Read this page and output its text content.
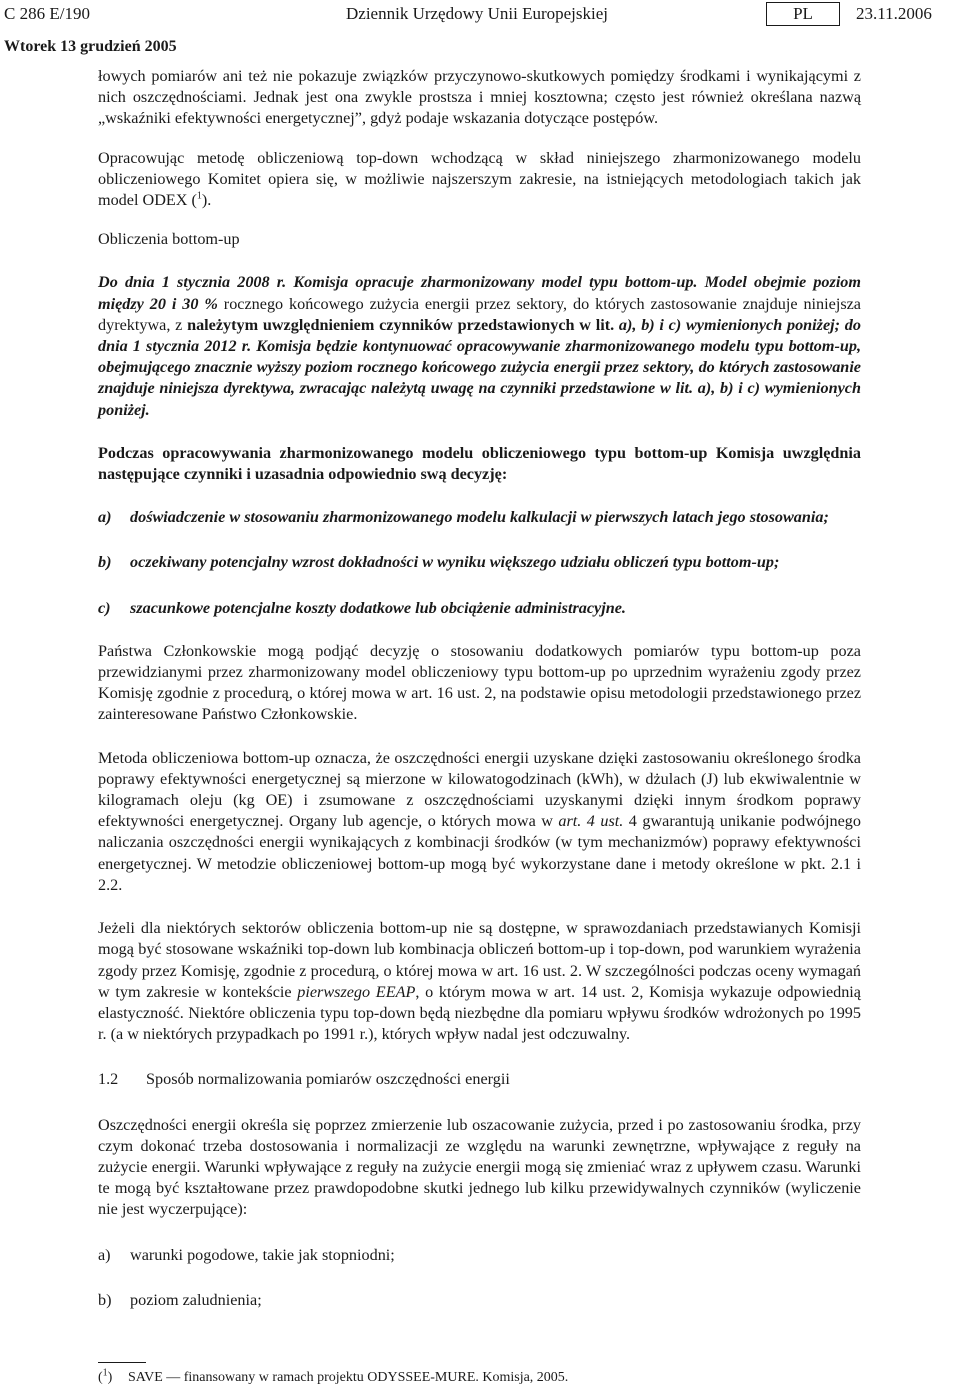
C 286 E/190	Dziennik Urzędowy Unii Europejskiej	PL	23.11.2006
Wtorek 13 grudzień 2005

łowych pomiarów ani też nie pokazuje związków przyczynowo-skutkowych pomiędzy środkami i wynikającymi z nich oszczędnościami. Jednak jest ona zwykle prostsza i mniej kosztowna; często jest również określana nazwą „wskaźniki efektywności energetycznej”, gdyż podaje wskazania dotyczące postępów.

Opracowując metodę obliczeniową top-down wchodzącą w skład niniejszego zharmonizowanego modelu obliczeniowego Komitet opiera się, w możliwie najszerszym zakresie, na istniejących metodologiach takich jak model ODEX ($^1$).

Obliczenia bottom-up

Do dnia 1 stycznia 2008 r. Komisja opracuje zharmonizowany model typu bottom-up. Model obejmie poziom między 20 i 30 % rocznego końcowego zużycia energii przez sektory, do których zastosowanie znajduje niniejsza dyrektywa, z należytym uwzględnieniem czynników przedstawionych w lit. a), b) i c) wymienionych poniżej; do dnia 1 stycznia 2012 r. Komisja będzie kontynuować opracowywanie zharmonizowanego modelu typu bottom-up, obejmującego znacznie wyższy poziom rocznego końcowego zużycia energii przez sektory, do których zastosowanie znajduje niniejsza dyrektywa, zwracając należytą uwagę na czynniki przedstawione w lit. a), b) i c) wymienionych poniżej.

Podczas opracowywania zharmonizowanego modelu obliczeniowego typu bottom-up Komisja uwzględnia następujące czynniki i uzasadnia odpowiednio swą decyzję:

a) doświadczenie w stosowaniu zharmonizowanego modelu kalkulacji w pierwszych latach jego stosowania;
b) oczekiwany potencjalny wzrost dokładności w wyniku większego udziału obliczeń typu bottom-up;
c) szacunkowe potencjalne koszty dodatkowe lub obciążenie administracyjne.

Państwa Członkowskie mogą podjąć decyzję o stosowaniu dodatkowych pomiarów typu bottom-up poza przewidzianymi przez zharmonizowany model obliczeniowy typu bottom-up po uprzednim wyrażeniu zgody przez Komisję zgodnie z procedurą, o której mowa w art. 16 ust. 2, na podstawie opisu metodologii przedstawionego przez zainteresowane Państwo Członkowskie.

Metoda obliczeniowa bottom-up oznacza, że oszczędności energii uzyskane dzięki zastosowaniu określonego środka poprawy efektywności energetycznej są mierzone w kilowatogodzinach (kWh), w dżulach (J) lub ekwiwalentnie w kilogramach oleju (kg OE) i zsumowane z oszczędnościami uzyskanymi dzięki innym środkom poprawy efektywności energetycznej. Organy lub agencje, o których mowa w art. 4 ust. 4 gwarantują unikanie podwójnego naliczania oszczędności energii wynikających z kombinacji środków (w tym mechanizmów) poprawy efektywności energetycznej. W metodzie obliczeniowej bottom-up mogą być wykorzystane dane i metody określone w pkt. 2.1 i 2.2.

Jeżeli dla niektórych sektorów obliczenia bottom-up nie są dostępne, w sprawozdaniach przedstawianych Komisji mogą być stosowane wskaźniki top-down lub kombinacja obliczeń bottom-up i top-down, pod warunkiem wyrażenia zgody przez Komisję, zgodnie z procedurą, o której mowa w art. 16 ust. 2. W szczególności podczas oceny wymagań w tym zakresie w kontekście pierwszego EEAP, o którym mowa w art. 14 ust. 2, Komisja wykazuje odpowiednią elastyczność. Niektóre obliczenia typu top-down będą niezbędne dla pomiaru wpływu środków wdrożonych po 1995 r. (a w niektórych przypadkach po 1991 r.), których wpływ nadal jest odczuwalny.

1.2 Sposób normalizowania pomiarów oszczędności energii

Oszczędności energii określa się poprzez zmierzenie lub oszacowanie zużycia, przed i po zastosowaniu środka, przy czym dokonać trzeba dostosowania i normalizacji ze względu na warunki zewnętrzne, wpływające z reguły na zużycie energii. Warunki wpływające z reguły na zużycie energii mogą się zmieniać wraz z upływem czasu. Warunki te mogą być kształtowane przez prawdopodobne skutki jednego lub kilku przewidywalnych czynników (wyliczenie nie jest wyczerpujące):

a) warunki pogodowe, takie jak stopniodni;
b) poziom zaludnienia;
($^1$) SAVE — finansowany w ramach projektu ODYSSEE-MURE. Komisja, 2005.
